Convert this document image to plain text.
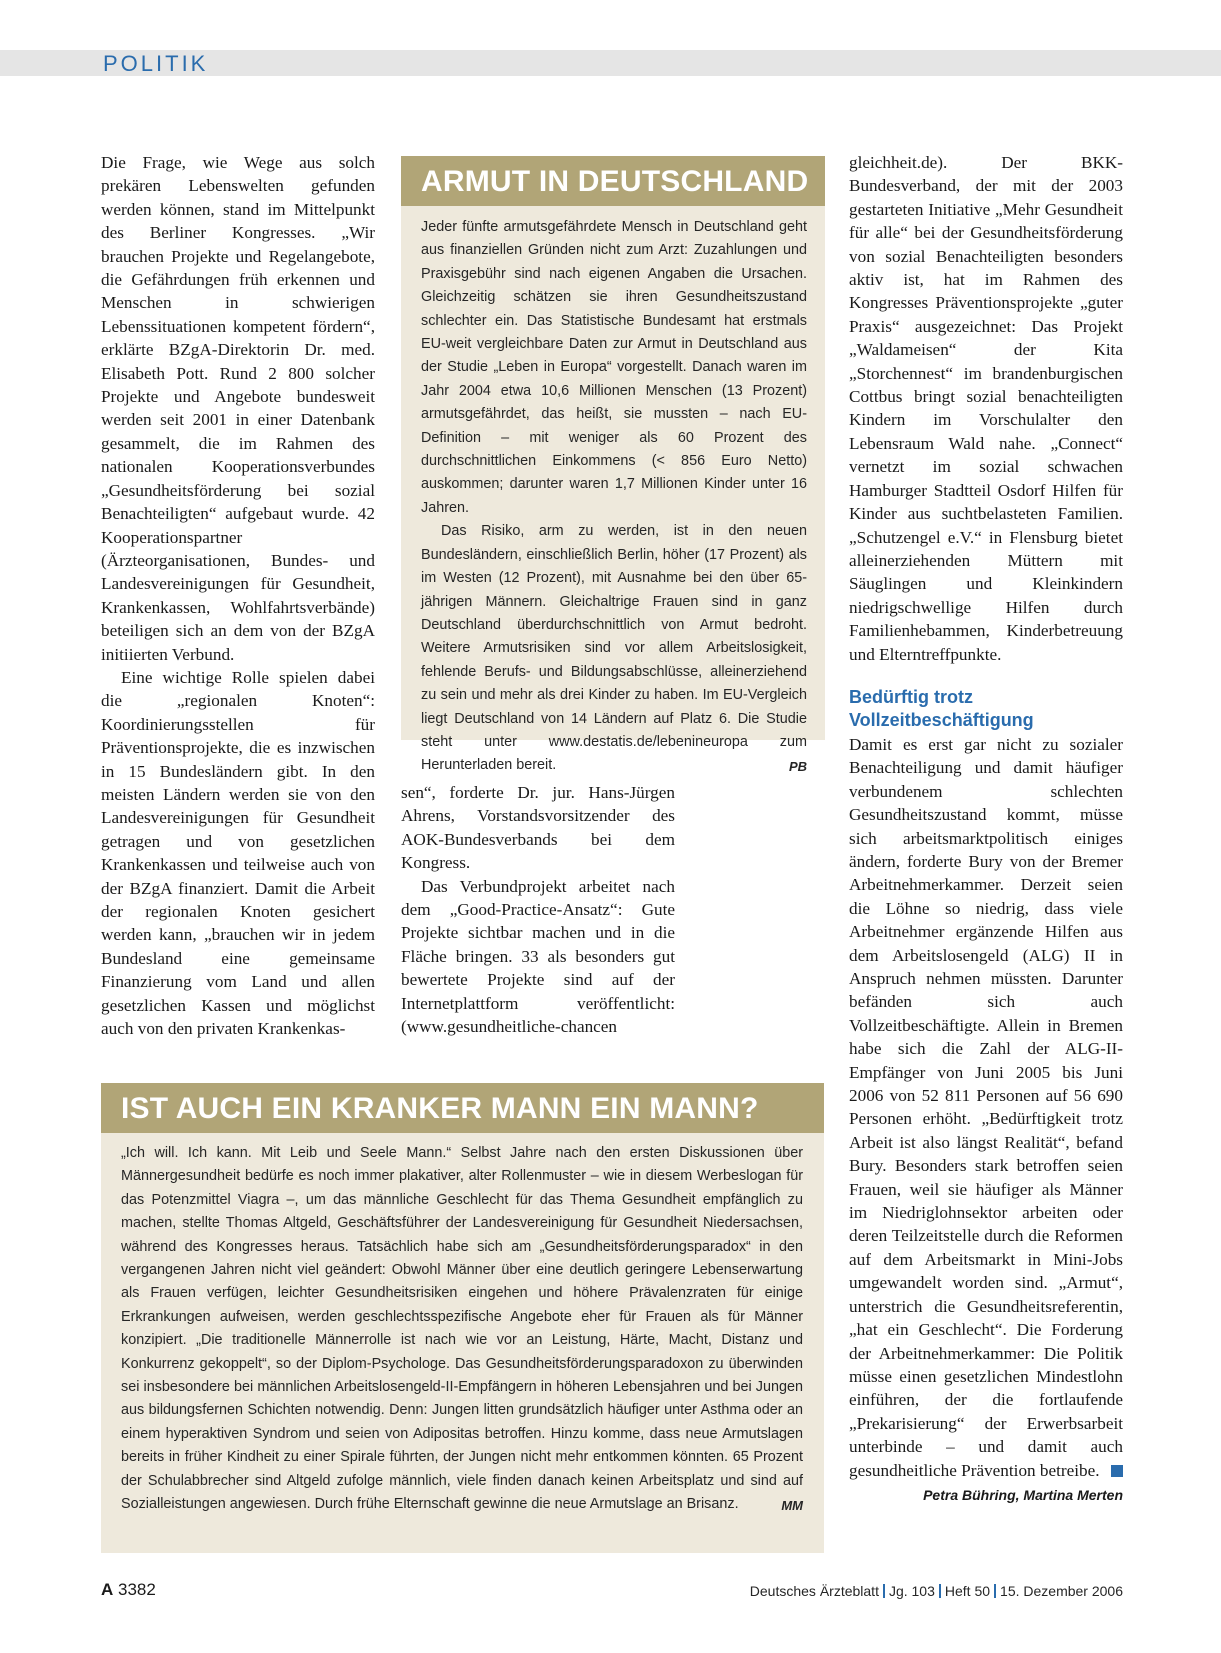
POLITIK

Die Frage, wie Wege aus solch prekären Lebenswelten gefunden werden können, stand im Mittelpunkt des Berliner Kongresses. „Wir brauchen Projekte und Regelangebote, die Gefährdungen früh erkennen und Menschen in schwierigen Lebenssituationen kompetent fördern“, erklärte BZgA-Direktorin Dr. med. Elisabeth Pott. Rund 2 800 solcher Projekte und Angebote bundesweit werden seit 2001 in einer Datenbank gesammelt, die im Rahmen des nationalen Kooperationsverbundes „Gesundheitsförderung bei sozial Benachteiligten“ aufgebaut wurde. 42 Kooperationspartner (Ärzteorganisationen, Bundes- und Landesvereinigungen für Gesundheit, Krankenkassen, Wohlfahrtsverbände) beteiligen sich an dem von der BZgA initiierten Verbund.

Eine wichtige Rolle spielen dabei die „regionalen Knoten“: Koordinierungsstellen für Präventionsprojekte, die es inzwischen in 15 Bundesländern gibt. In den meisten Ländern werden sie von den Landesvereinigungen für Gesundheit getragen und von gesetzlichen Krankenkassen und teilweise auch von der BZgA finanziert. Damit die Arbeit der regionalen Knoten gesichert werden kann, „brauchen wir in jedem Bundesland eine gemeinsame Finanzierung vom Land und allen gesetzlichen Kassen und möglichst auch von den privaten Krankenkas-

ARMUT IN DEUTSCHLAND

Jeder fünfte armutsgefährdete Mensch in Deutschland geht aus finanziellen Gründen nicht zum Arzt: Zuzahlungen und Praxisgebühr sind nach eigenen Angaben die Ursachen. Gleichzeitig schätzen sie ihren Gesundheitszustand schlechter ein. Das Statistische Bundesamt hat erstmals EU-weit vergleichbare Daten zur Armut in Deutschland aus der Studie „Leben in Europa“ vorgestellt. Danach waren im Jahr 2004 etwa 10,6 Millionen Menschen (13 Prozent) armutsgefährdet, das heißt, sie mussten – nach EU-Definition – mit weniger als 60 Prozent des durchschnittlichen Einkommens (< 856 Euro Netto) auskommen; darunter waren 1,7 Millionen Kinder unter 16 Jahren.

Das Risiko, arm zu werden, ist in den neuen Bundesländern, einschließlich Berlin, höher (17 Prozent) als im Westen (12 Prozent), mit Ausnahme bei den über 65-jährigen Männern. Gleichaltrige Frauen sind in ganz Deutschland überdurchschnittlich von Armut bedroht. Weitere Armutsrisiken sind vor allem Arbeitslosigkeit, fehlende Berufs- und Bildungsabschlüsse, alleinerziehend zu sein und mehr als drei Kinder zu haben. Im EU-Vergleich liegt Deutschland von 14 Ländern auf Platz 6. Die Studie steht unter www.destatis.de/lebenineuropa zum Herunterladen bereit.	PB

sen“, forderte Dr. jur. Hans-Jürgen Ahrens, Vorstandsvorsitzender des AOK-Bundesverbands bei dem Kongress.

Das Verbundprojekt arbeitet nach dem „Good-Practice-Ansatz“: Gute Projekte sichtbar machen und in die Fläche bringen. 33 als besonders gut bewertete Projekte sind auf der Internetplattform veröffentlicht: (www.gesundheitliche-chancen

gleichheit.de). Der BKK-Bundesverband, der mit der 2003 gestarteten Initiative „Mehr Gesundheit für alle“ bei der Gesundheitsförderung von sozial Benachteiligten besonders aktiv ist, hat im Rahmen des Kongresses Präventionsprojekte „guter Praxis“ ausgezeichnet: Das Projekt „Waldameisen“ der Kita „Storchennest“ im brandenburgischen Cottbus bringt sozial benachteiligten Kindern im Vorschulalter den Lebensraum Wald nahe. „Connect“ vernetzt im sozial schwachen Hamburger Stadtteil Osdorf Hilfen für Kinder aus suchtbelasteten Familien. „Schutzengel e.V.“ in Flensburg bietet alleinerziehenden Müttern mit Säuglingen und Kleinkindern niedrigschwellige Hilfen durch Familienhebammen, Kinderbetreuung und Elterntreffpunkte.

Bedürftig trotz
Vollzeitbeschäftigung

Damit es erst gar nicht zu sozialer Benachteiligung und damit häufiger verbundenem schlechten Gesundheitszustand kommt, müsse sich arbeitsmarktpolitisch einiges ändern, forderte Bury von der Bremer Arbeitnehmerkammer. Derzeit seien die Löhne so niedrig, dass viele Arbeitnehmer ergänzende Hilfen aus dem Arbeitslosengeld (ALG) II in Anspruch nehmen müssten. Darunter befänden sich auch Vollzeitbeschäftigte. Allein in Bremen habe sich die Zahl der ALG-II-Empfänger von Juni 2005 bis Juni 2006 von 52 811 Personen auf 56 690 Personen erhöht. „Bedürftigkeit trotz Arbeit ist also längst Realität“, befand Bury. Besonders stark betroffen seien Frauen, weil sie häufiger als Männer im Niedriglohnsektor arbeiten oder deren Teilzeitstelle durch die Reformen auf dem Arbeitsmarkt in Mini-Jobs umgewandelt worden sind. „Armut“, unterstrich die Gesundheitsreferentin, „hat ein Geschlecht“. Die Forderung der Arbeitnehmerkammer: Die Politik müsse einen gesetzlichen Mindestlohn einführen, der die fortlaufende „Prekarisierung“ der Erwerbsarbeit unterbinde – und damit auch gesundheitliche Prävention betreibe.

Petra Bühring, Martina Merten
IST AUCH EIN KRANKER MANN EIN MANN?

„Ich will. Ich kann. Mit Leib und Seele Mann.“ Selbst Jahre nach den ersten Diskussionen über Männergesundheit bedürfe es noch immer plakativer, alter Rollenmuster – wie in diesem Werbeslogan für das Potenzmittel Viagra –, um das männliche Geschlecht für das Thema Gesundheit empfänglich zu machen, stellte Thomas Altgeld, Geschäftsführer der Landesvereinigung für Gesundheit Niedersachsen, während des Kongresses heraus. Tatsächlich habe sich am „Gesundheitsförderungsparadox“ in den vergangenen Jahren nicht viel geändert: Obwohl Männer über eine deutlich geringere Lebenserwartung als Frauen verfügen, leichter Gesundheitsrisiken eingehen und höhere Prävalenzraten für einige Erkrankungen aufweisen, werden geschlechtsspezifische Angebote eher für Frauen als für Männer konzipiert. „Die traditionelle Männerrolle ist nach wie vor an Leistung, Härte, Macht, Distanz und Konkurrenz gekoppelt“, so der Diplom-Psychologe. Das Gesundheitsförderungsparadoxon zu überwinden sei insbesondere bei männlichen Arbeitslosengeld-II-Empfängern in höheren Lebensjahren und bei Jungen aus bildungsfernen Schichten notwendig. Denn: Jungen litten grundsätzlich häufiger unter Asthma oder an einem hyperaktiven Syndrom und seien von Adipositas betroffen. Hinzu komme, dass neue Armutslagen bereits in früher Kindheit zu einer Spirale führten, der Jungen nicht mehr entkommen könnten. 65 Prozent der Schulabbrecher sind Altgeld zufolge männlich, viele finden danach keinen Arbeitsplatz und sind auf Sozialleistungen angewiesen. Durch frühe Elternschaft gewinne die neue Armutslage an Brisanz.	MM

A 3382	Deutsches Ärzteblatt Jg. 103 Heft 50 15. Dezember 2006
